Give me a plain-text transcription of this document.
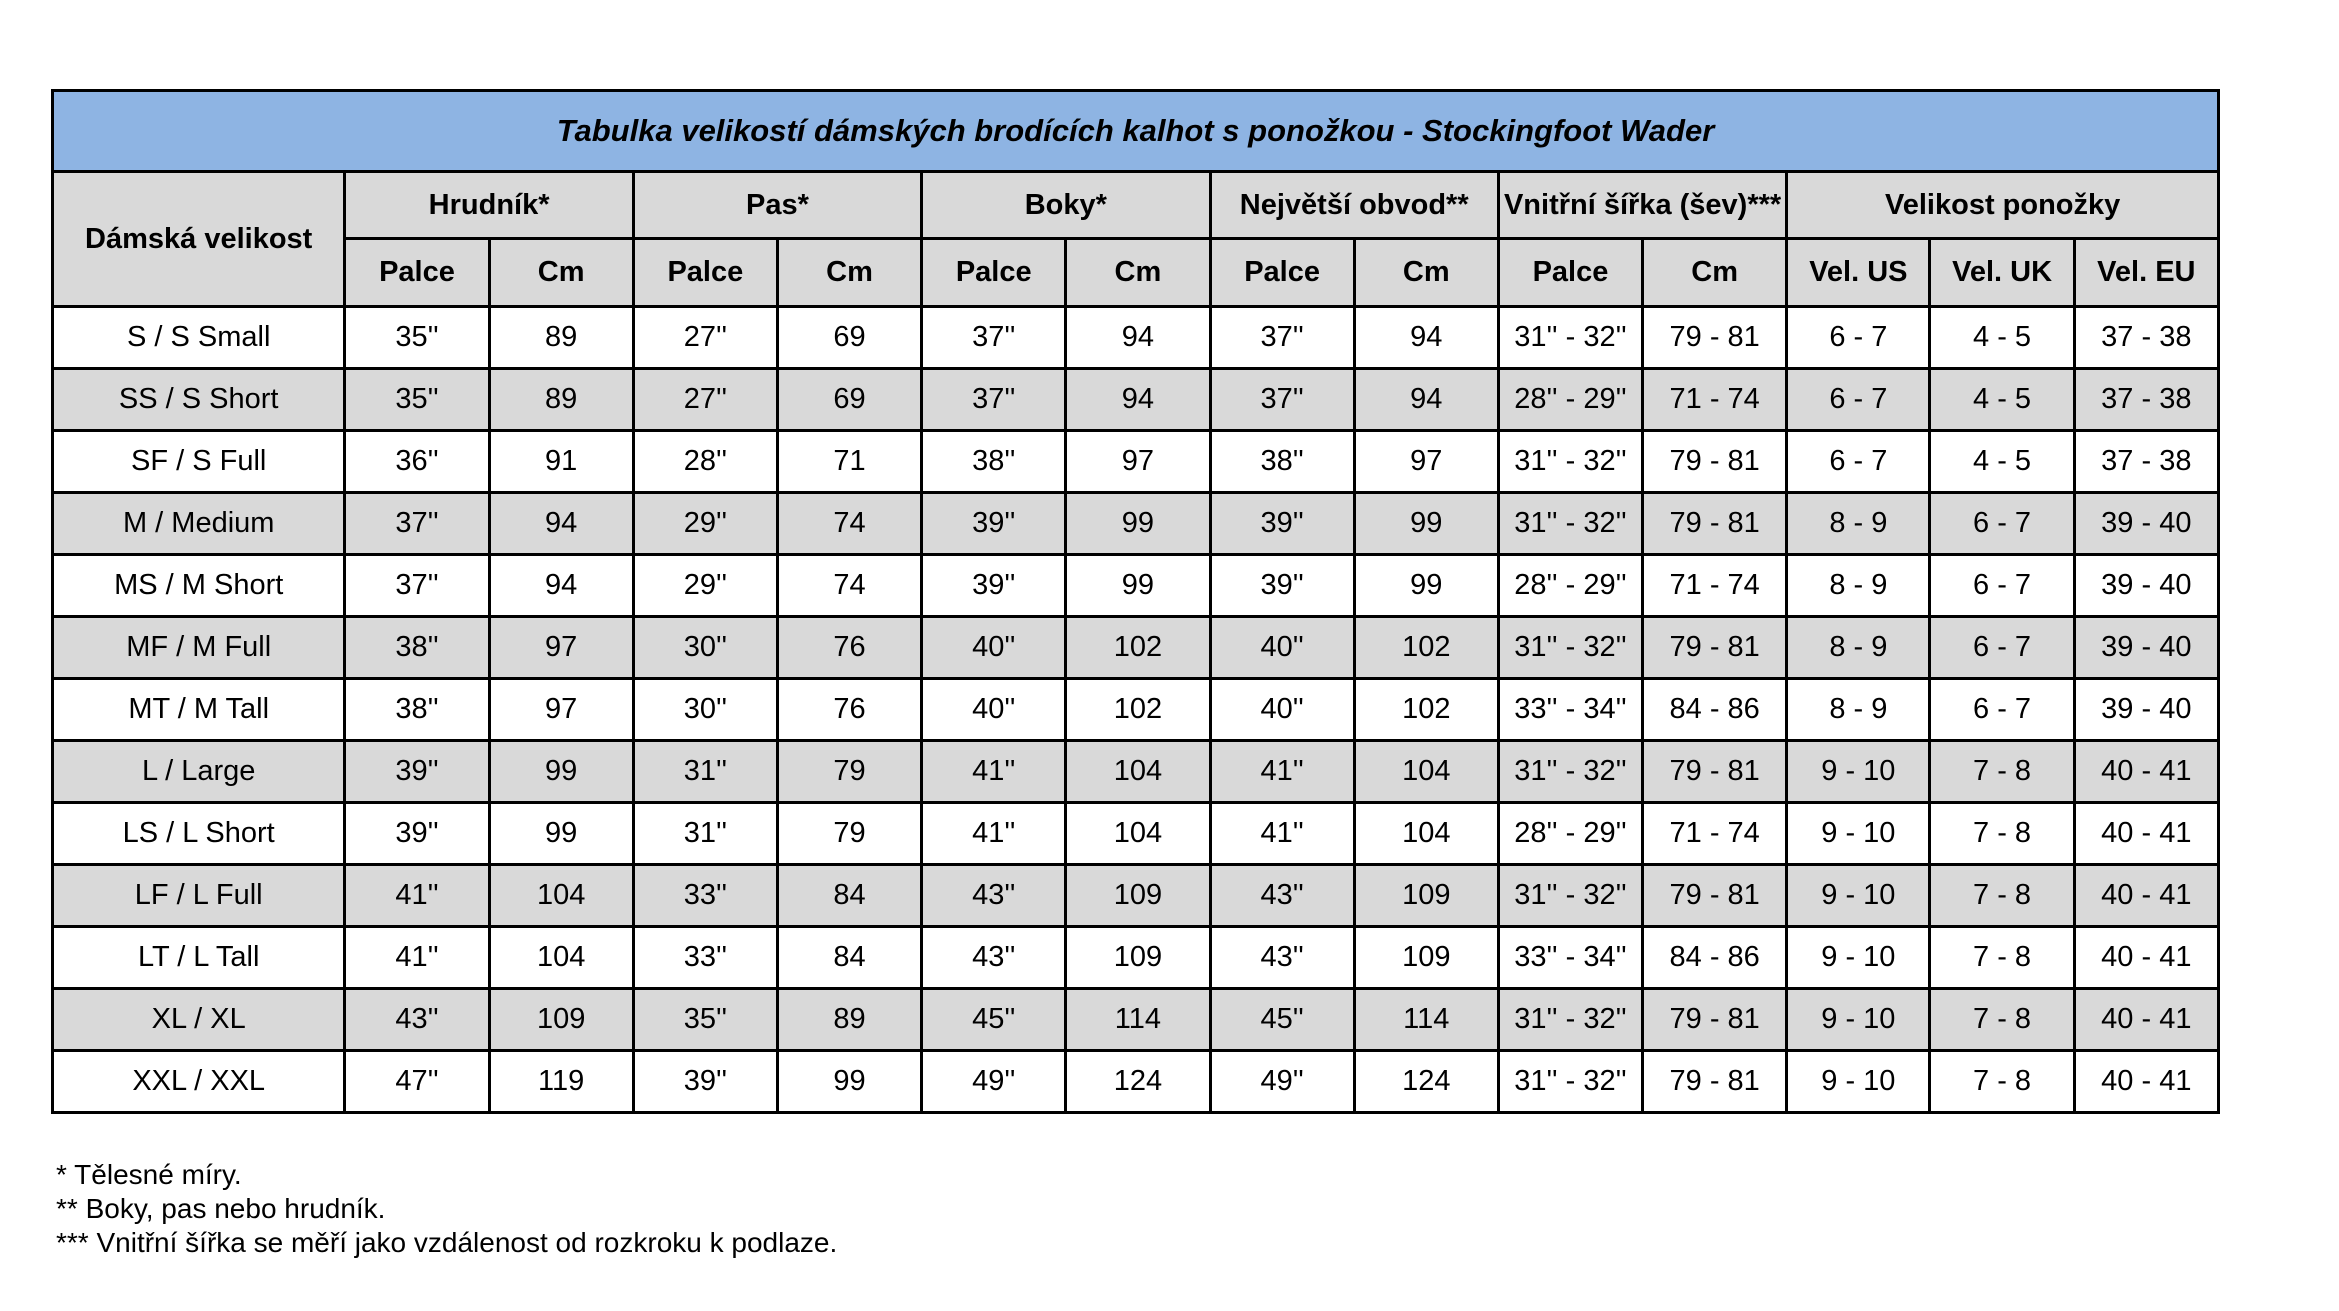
Tabulka velikostí dámských brodících kalhot s ponožkou - Stockingfoot Wader													
Dámská velikost	Hrudník*		Pas*		Boky*		Největší obvod**		Vnitřní šířka (šev)***		Velikost ponožky		
	Palce	Cm	Palce	Cm	Palce	Cm	Palce	Cm	Palce	Cm	Vel. US	Vel. UK	Vel. EU
S / S Small	35''	89	27''	69	37''	94	37''	94	31'' - 32''	79 - 81	6 - 7	4 - 5	37 - 38
SS / S Short	35''	89	27''	69	37''	94	37''	94	28'' - 29''	71 - 74	6 - 7	4 - 5	37 - 38
SF / S Full	36''	91	28''	71	38''	97	38''	97	31'' - 32''	79 - 81	6 - 7	4 - 5	37 - 38
M / Medium	37''	94	29''	74	39''	99	39''	99	31'' - 32''	79 - 81	8 - 9	6 - 7	39 - 40
MS / M Short	37''	94	29''	74	39''	99	39''	99	28'' - 29''	71 - 74	8 - 9	6 - 7	39 - 40
MF / M Full	38''	97	30''	76	40''	102	40''	102	31'' - 32''	79 - 81	8 - 9	6 - 7	39 - 40
MT / M Tall	38''	97	30''	76	40''	102	40''	102	33'' - 34''	84 - 86	8 - 9	6 - 7	39 - 40
L / Large	39''	99	31''	79	41''	104	41''	104	31'' - 32''	79 - 81	9 - 10	7 - 8	40 - 41
LS / L Short	39''	99	31''	79	41''	104	41''	104	28'' - 29''	71 - 74	9 - 10	7 - 8	40 - 41
LF / L Full	41''	104	33''	84	43''	109	43''	109	31'' - 32''	79 - 81	9 - 10	7 - 8	40 - 41
LT / L Tall	41''	104	33''	84	43''	109	43''	109	33'' - 34''	84 - 86	9 - 10	7 - 8	40 - 41
XL / XL	43''	109	35''	89	45''	114	45''	114	31'' - 32''	79 - 81	9 - 10	7 - 8	40 - 41
XXL / XXL	47''	119	39''	99	49''	124	49''	124	31'' - 32''	79 - 81	9 - 10	7 - 8	40 - 41
* Tělesné míry.
** Boky, pas nebo hrudník.
*** Vnitřní šířka se měří jako vzdálenost od rozkroku k podlaze.
